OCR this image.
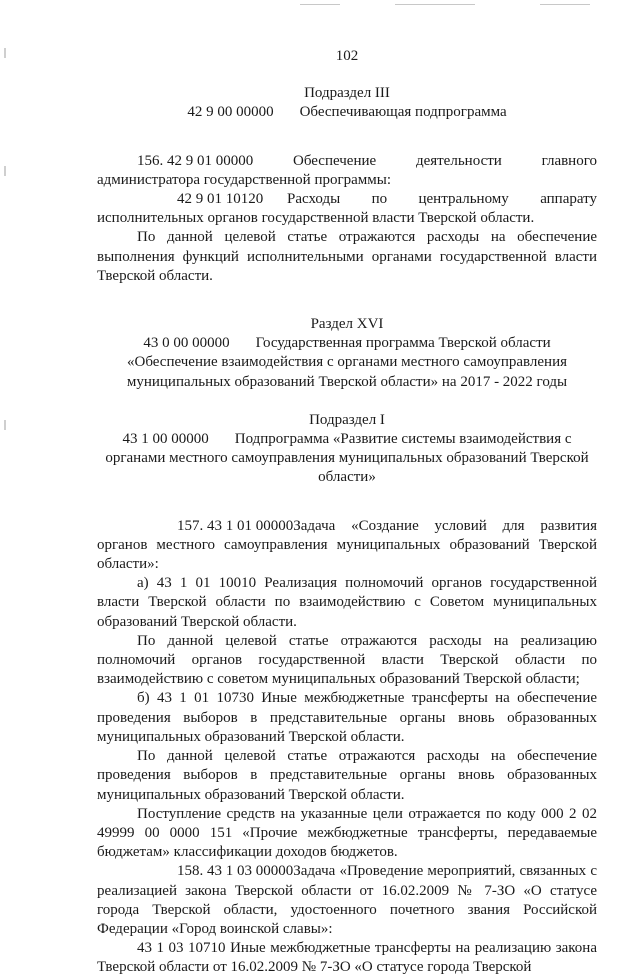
102

Подраздел III

42 9 00 00000 Обеспечивающая подпрограмма

156. 42 9 01 00000	Обеспечение	деятельности	главного

администратора государственной программы:

42 9 01 10120 Расходы по центральному аппарату исполнительных органов государственной власти Тверской области.

По данной целевой статье отражаются расходы на обеспечение выполнения функций исполнительными органами государственной власти Тверской области.

Раздел XVI

43 0 00 00000 Государственная программа Тверской области

«Обеспечение взаимодействия с органами местного самоуправления

муниципальных образований Тверской области» на 2017 - 2022 годы

Подраздел I

43 1 00 00000 Подпрограмма «Развитие системы взаимодействия с

органами местного самоуправления муниципальных образований Тверской

области»

157. 43 1 01 00000Задача «Создание условий для развития органов местного самоуправления муниципальных образований Тверской области»:

а) 43 1 01 10010 Реализация полномочий органов государственной власти Тверской области по взаимодействию с Советом муниципальных образований Тверской области.

По данной целевой статье отражаются расходы на реализацию полномочий органов государственной власти Тверской области по взаимодействию с советом муниципальных образований Тверской области;

б) 43 1 01 10730 Иные межбюджетные трансферты на обеспечение проведения выборов в представительные органы вновь образованных муниципальных образований Тверской области.

По данной целевой статье отражаются расходы на обеспечение проведения выборов в представительные органы вновь образованных муниципальных образований Тверской области.

Поступление средств на указанные цели отражается по коду 000 2 02 49999 00 0000 151 «Прочие межбюджетные трансферты, передаваемые бюджетам» классификации доходов бюджетов.

158. 43 1 03 00000Задача «Проведение мероприятий, связанных с реализацией закона Тверской области от 16.02.2009 № 7-ЗО «О статусе города Тверской области, удостоенного почетного звания Российской Федерации «Город воинской славы»:

43 1 03 10710 Иные межбюджетные трансферты на реализацию закона Тверской области от 16.02.2009 № 7-ЗО «О статусе города Тверской
